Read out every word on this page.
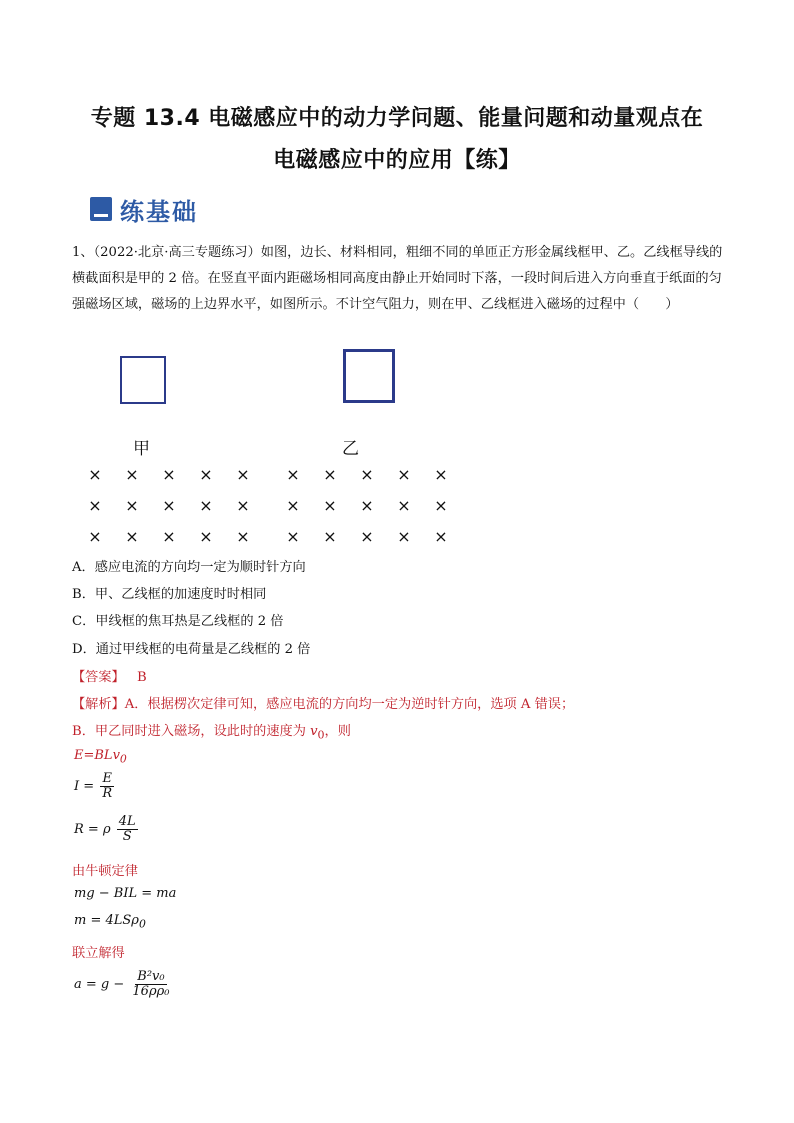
专题 13.4 电磁感应中的动力学问题、能量问题和动量观点在
电磁感应中的应用【练】
练基础
1、（2022·北京·高三专题练习）如图，边长、材料相同，粗细不同的单匝正方形金属线框甲、乙。乙线框导线的横截面积是甲的 2 倍。在竖直平面内距磁场相同高度由静止开始同时下落，一段时间后进入方向垂直于纸面的匀强磁场区域，磁场的上边界水平，如图所示。不计空气阻力，则在甲、乙线框进入磁场的过程中（　　）
甲	乙
× × × × × × × × × ×
× × × × × × × × × ×
× × × × × × × × × ×
A．感应电流的方向均一定为顺时针方向
B．甲、乙线框的加速度时时相同
C．甲线框的焦耳热是乙线框的 2 倍
D．通过甲线框的电荷量是乙线框的 2 倍
【答案】 B
【解析】A．根据楞次定律可知，感应电流的方向均一定为逆时针方向，选项 A 错误；
B．甲乙同时进入磁场，设此时的速度为 $v_0$，则
E=BLv$_0$
$I = \frac{E}{R}$
R = ρ $\frac{4L}{S}$
由牛顿定律
mg − BIL = ma
m = 4LSρ$_0$
联立解得
$a = g - \frac{\text{B²v₀}}{\text{16ρρ₀}}$
